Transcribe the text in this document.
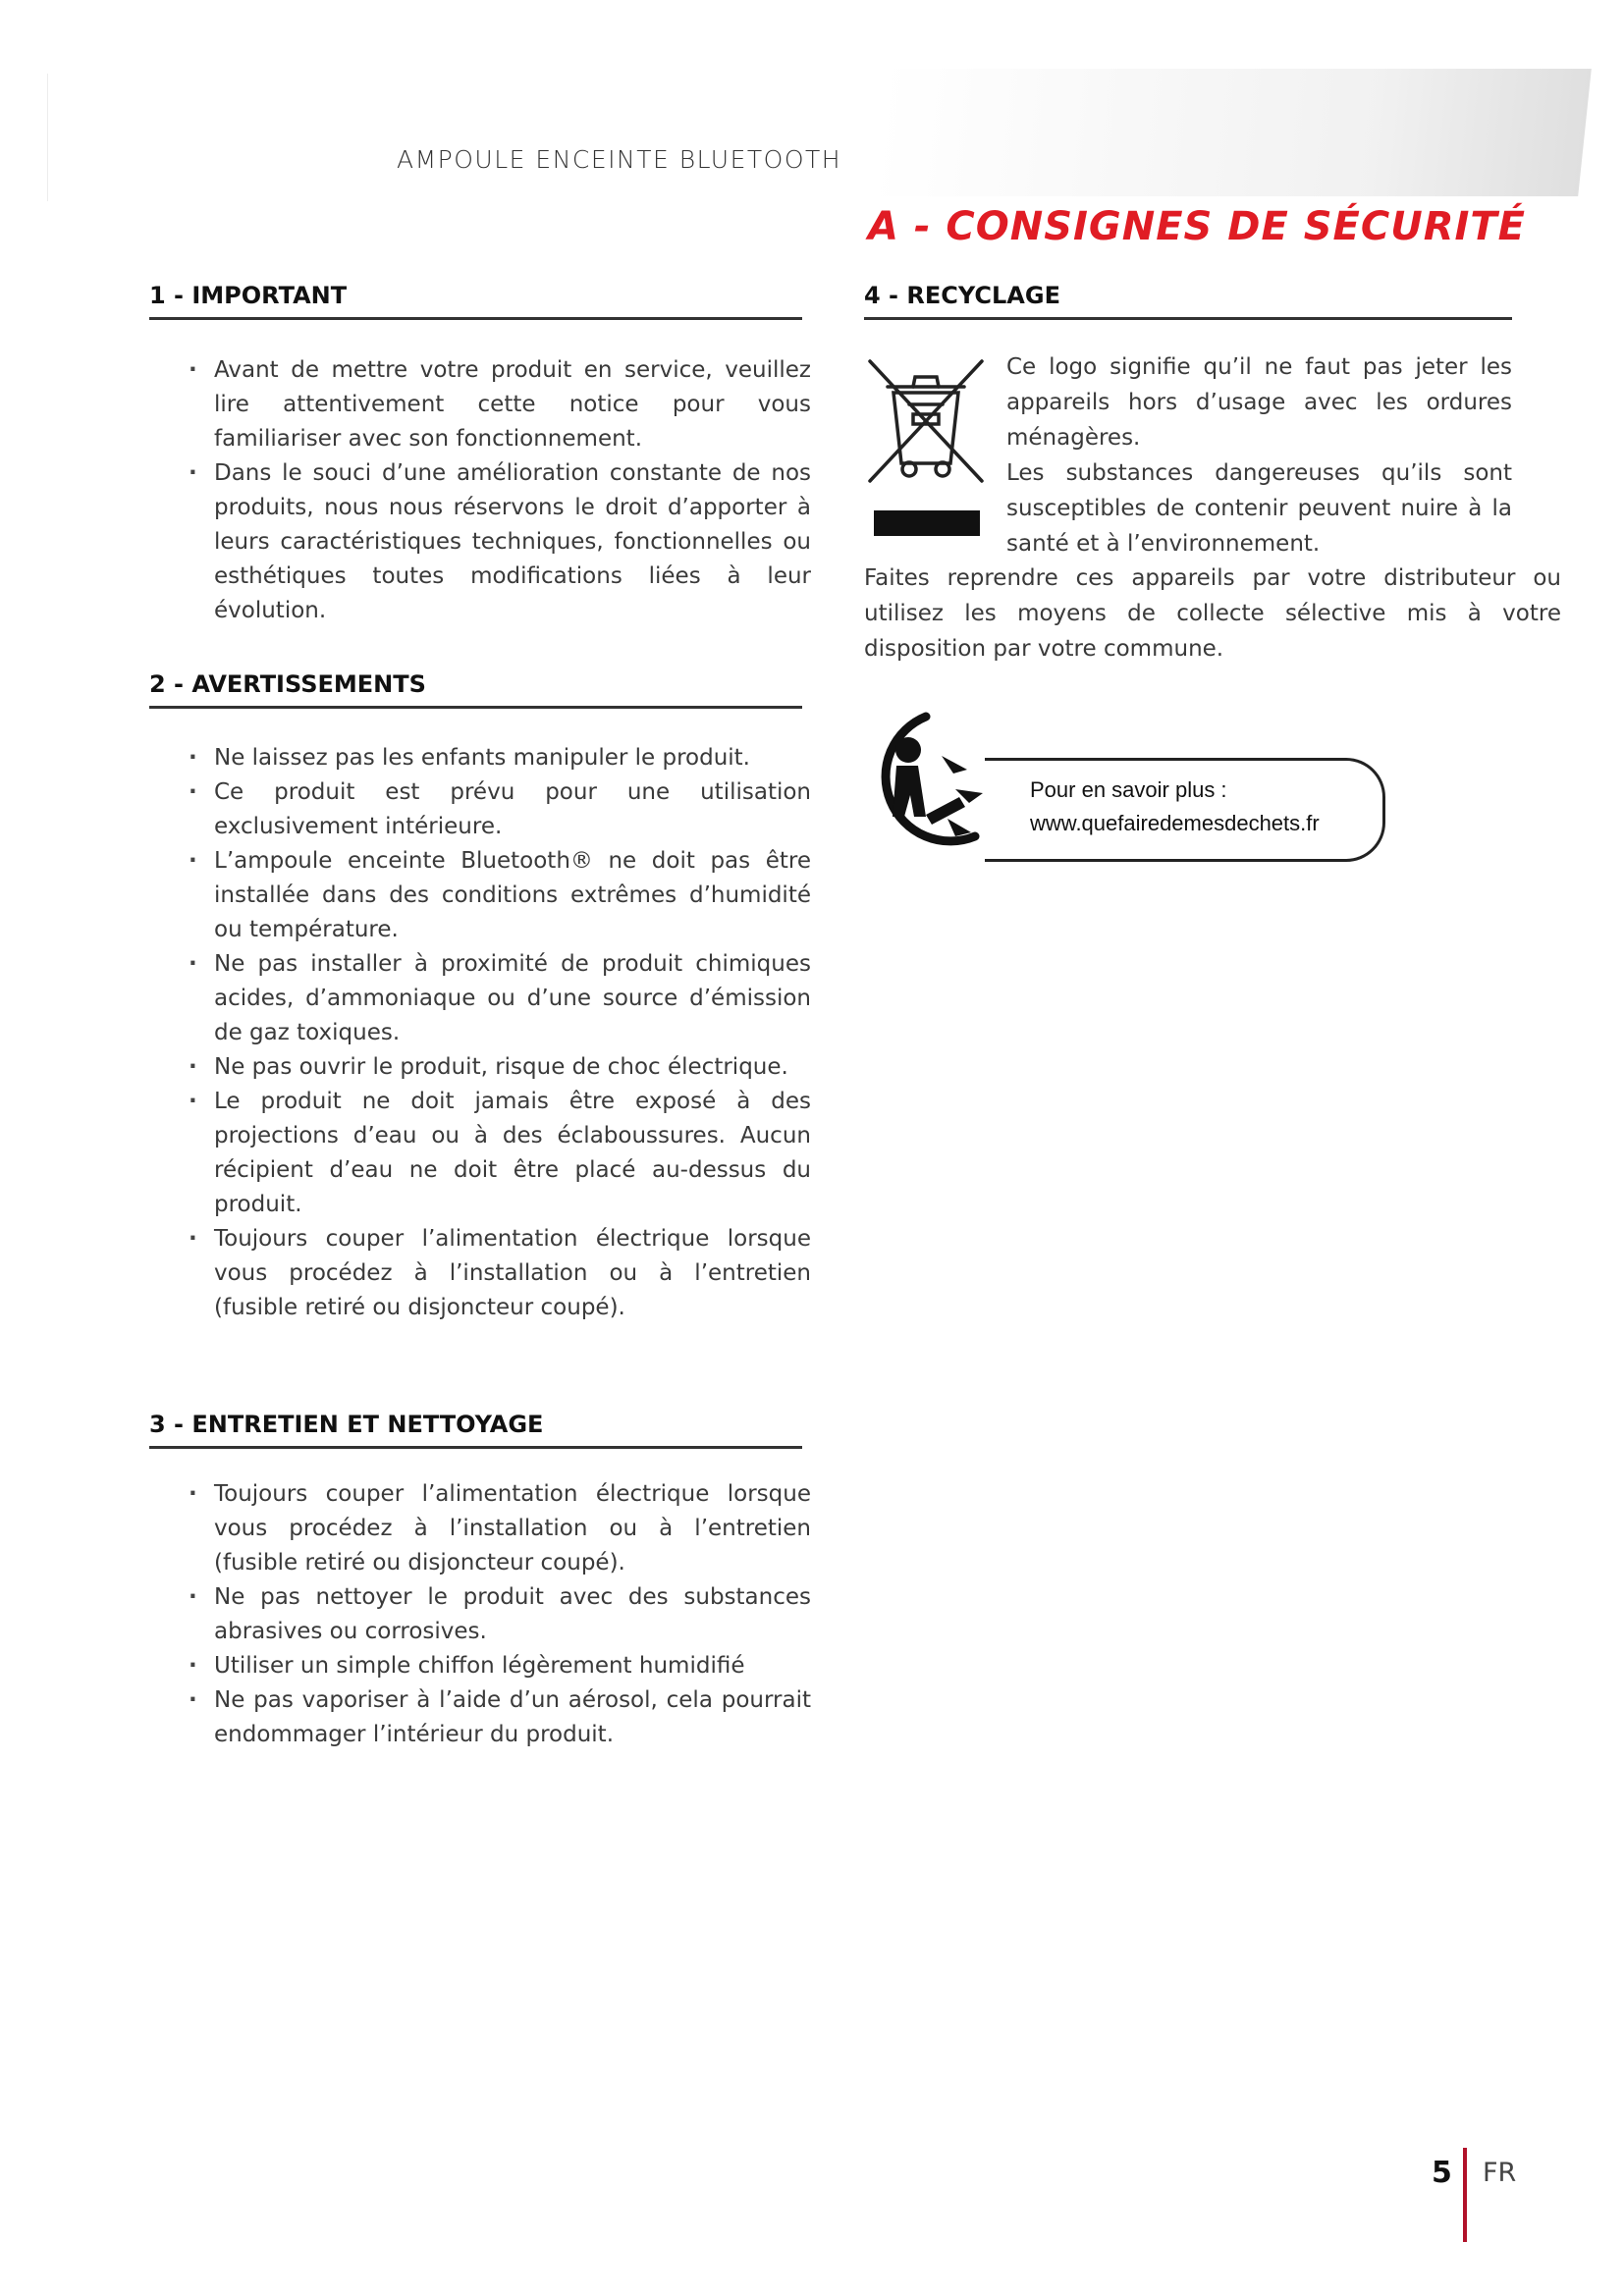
AMPOULE ENCEINTE BLUETOOTH
A - CONSIGNES DE SÉCURITÉ
1 - IMPORTANT
· Avant de mettre votre produit en service, veuillez lire attentivement cette notice pour vous familiariser avec son fonctionnement.
· Dans le souci d’une amélioration constante de nos produits, nous nous réservons le droit d’apporter à leurs caractéristiques techniques, fonctionnelles ou esthétiques toutes modifications liées à leur évolution.
2 - AVERTISSEMENTS
· Ne laissez pas les enfants manipuler le produit.
· Ce produit est prévu pour une utilisation exclusivement intérieure.
· L’ampoule enceinte Bluetooth® ne doit pas être installée dans des conditions extrêmes d’humidité ou température.
· Ne pas installer à proximité de produit chimiques acides, d’ammoniaque ou d’une source d’émission de gaz toxiques.
· Ne pas ouvrir le produit, risque de choc électrique.
· Le produit ne doit jamais être exposé à des projections d’eau ou à des éclaboussures. Aucun récipient d’eau ne doit être placé au-dessus du produit.
· Toujours couper l’alimentation électrique lorsque vous procédez à l’installation ou à l’entretien (fusible retiré ou disjoncteur coupé).
3 - ENTRETIEN ET NETTOYAGE
· Toujours couper l’alimentation électrique lorsque vous procédez à l’installation ou à l’entretien (fusible retiré ou disjoncteur coupé).
· Ne pas nettoyer le produit avec des substances abrasives ou corrosives.
· Utiliser un simple chiffon légèrement humidifié
· Ne pas vaporiser à l’aide d’un aérosol, cela pourrait endommager l’intérieur du produit.
4 - RECYCLAGE
Ce logo signifie qu’il ne faut pas jeter les appareils hors d’usage avec les ordures ménagères.
Les substances dangereuses qu’ils sont susceptibles de contenir peuvent nuire à la santé et à l’environnement.
Faites reprendre ces appareils par votre distributeur ou utilisez les moyens de collecte sélective mis à votre disposition par votre commune.
Pour en savoir plus :
www.quefairedemesdechets.fr
5 FR
